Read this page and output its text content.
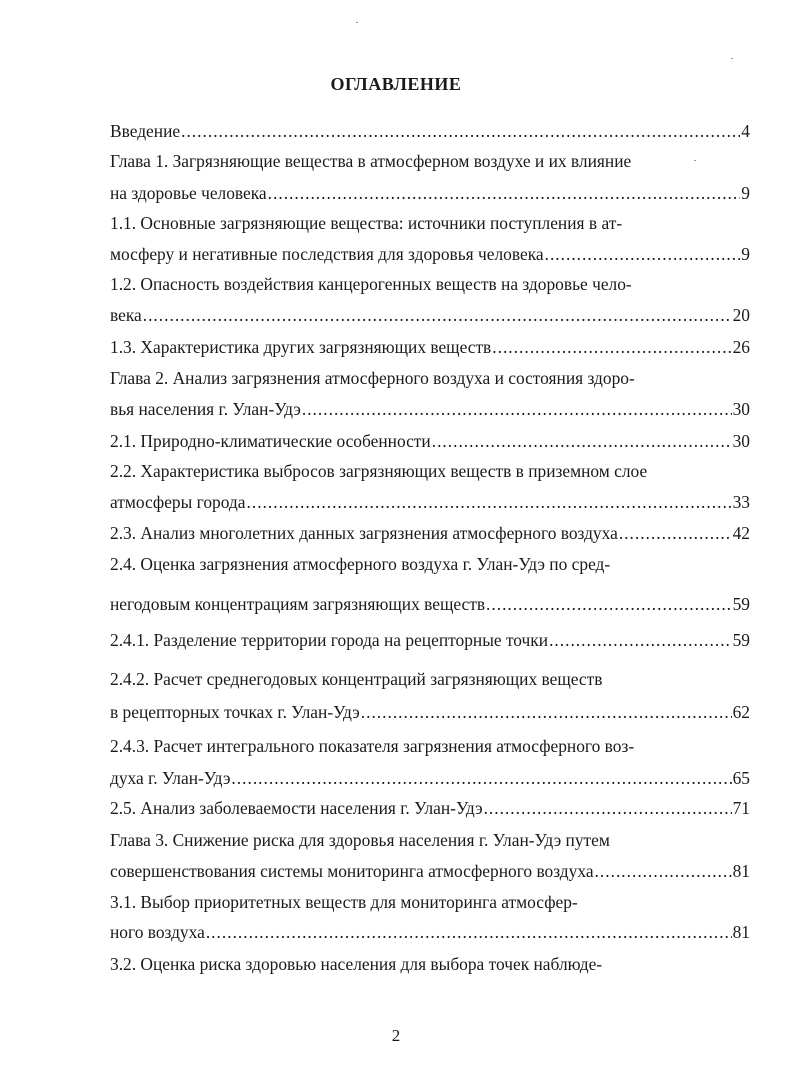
ОГЛАВЛЕНИЕ
Введение .....	4
Глава 1. Загрязняющие вещества в атмосферном воздухе и их влияние
на здоровье человека .....	9
1.1. Основные загрязняющие вещества: источники поступления в ат-
мосферу и негативные последствия для здоровья человека .....	9
1.2. Опасность воздействия канцерогенных веществ на здоровье чело-
века .....	20
1.3. Характеристика других загрязняющих веществ .....	26
Глава 2. Анализ загрязнения атмосферного воздуха и состояния здоро-
вья населения г. Улан-Удэ .....	30
2.1. Природно-климатические особенности .....	30
2.2. Характеристика выбросов загрязняющих веществ в приземном слое
атмосферы города .....	33
2.3. Анализ многолетних данных загрязнения атмосферного воздуха .....	42
2.4. Оценка загрязнения атмосферного воздуха г. Улан-Удэ по сред-
негодовым концентрациям загрязняющих веществ .....	59
2.4.1. Разделение территории города на рецепторные точки .....	59
2.4.2. Расчет среднегодовых концентраций загрязняющих веществ
в рецепторных точках г. Улан-Удэ .....	62
2.4.3. Расчет интегрального показателя загрязнения атмосферного воз-
духа г. Улан-Удэ .....	65
2.5. Анализ заболеваемости населения г. Улан-Удэ .....	71
Глава 3. Снижение риска для здоровья населения г. Улан-Удэ путем
совершенствования системы мониторинга атмосферного воздуха .....	81
3.1. Выбор приоритетных веществ для мониторинга атмосфер-
ного воздуха .....	81
3.2. Оценка риска здоровью населения для выбора точек наблюде-
2
